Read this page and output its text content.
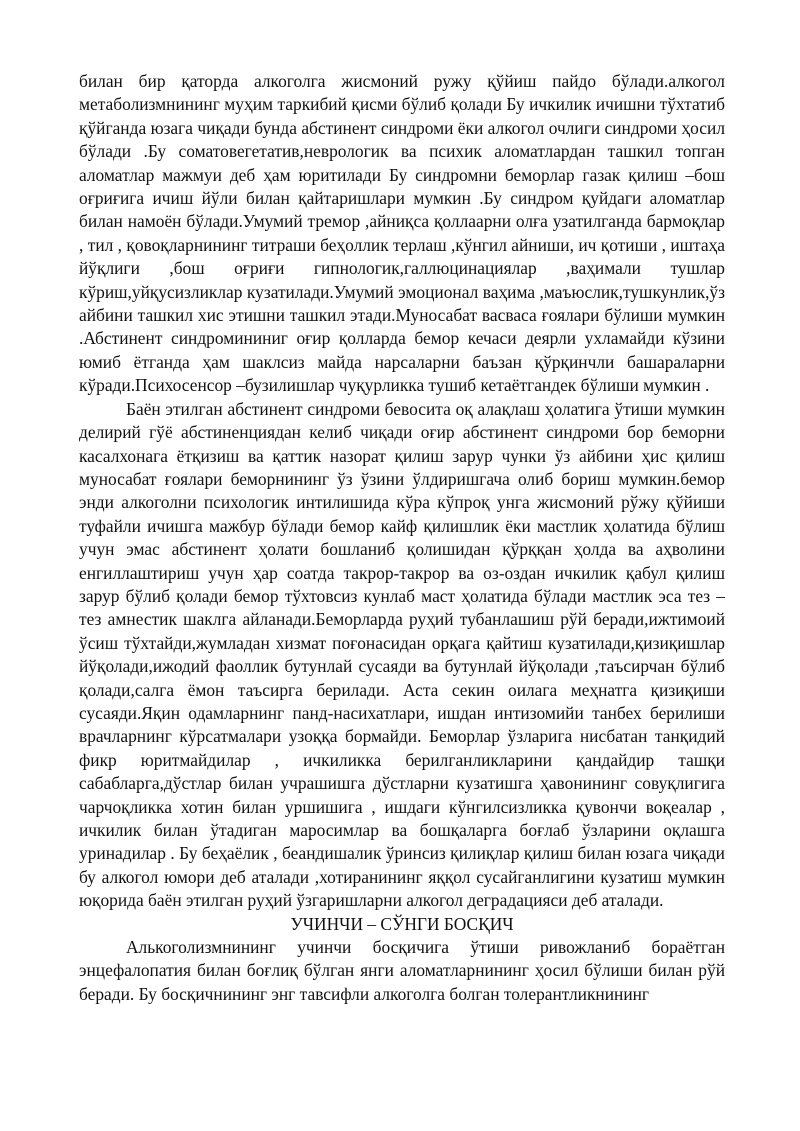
билан бир қаторда алкоголга жисмоний ружу қўйиш пайдо бўлади.алкогол метаболизмнининг муҳим таркибий қисми бўлиб қолади Бу ичкилик ичишни тўхтатиб қўйганда юзага чиқади бунда абстинент синдроми ёки алкогол очлиги синдроми ҳосил бўлади .Бу соматовегетатив,неврологик ва психик аломатлардан ташкил топган аломатлар мажмуи деб ҳам юритилади Бу синдромни беморлар газак қилиш –бош оғриғига ичиш йўли билан қайтаришлари мумкин .Бу синдром қуйдаги аломатлар билан намоён бўлади.Умумий тремор ,айниқса қоллаарни олға узатилганда бармоқлар , тил , қовоқларнининг титраши беҳоллик терлаш ,кўнгил айниши, ич қотиши , иштаҳа йўқлиги ,бош оғриғи гипнологик,галлюцинациялар ,ваҳимали тушлар кўриш,уйқусизликлар кузатилади.Умумий эмоционал ваҳима ,маъюслик,тушкунлик,ўз айбини ташкил хис этишни ташкил этади.Муносабат васваса ғоялари бўлиши мумкин .Абстинент синдромининиг оғир қолларда бемор кечаси деярли ухламайди кўзини юмиб ётганда ҳам шаклсиз майда нарсаларни баъзан қўрқинчли башараларни кўради.Психосенсор –бузилишлар чуқурликка тушиб кетаётгандек бўлиши мумкин .

Баён этилган абстинент синдроми бевосита оқ алақлаш ҳолатига ўтиши мумкин делирий гўё абстиненциядан келиб чиқади оғир абстинент синдроми бор беморни касалхонага ётқизиш ва қаттик назорат қилиш зарур чунки ўз айбини ҳис қилиш муносабат ғоялари беморнининг ўз ўзини ўлдиришгача олиб бориш мумкин.бемор энди алкоголни психологик интилишида кўра кўпроқ унга жисмоний рўжу қўйиши туфайли ичишга мажбур бўлади бемор кайф қилишлик ёки мастлик ҳолатида бўлиш учун эмас абстинент ҳолати бошланиб қолишидан қўрққан ҳолда ва аҳволини енгиллаштириш учун ҳар соатда такрор-такрор ва оз-оздан ичкилик қабул қилиш зарур бўлиб қолади бемор тўхтовсиз кунлаб маст ҳолатида бўлади мастлик эса тез – тез амнестик шаклга айланади.Беморларда руҳий тубанлашиш рўй беради,ижтимоий ўсиш тўхтайди,жумладан хизмат поғонасидан орқага қайтиш кузатилади,қизиқишлар йўқолади,ижодий фаоллик бутунлай сусаяди ва бутунлай йўқолади ,таъсирчан бўлиб қолади,салга ёмон таъсирга берилади. Аста секин оилага меҳнатга қизиқиши сусаяди.Яқин одамларнинг панд-насихатлари, ишдан интизомийи танбех берилиши врачларнинг кўрсатмалари узоққа бормайди. Беморлар ўзларига нисбатан танқидий фикр юритмайдилар , ичкиликка берилганликларини қандайдир ташқи сабабларга,дўстлар билан учрашишга дўстларни кузатишга ҳавонининг совуқлигига чарчоқликка хотин билан уршишига , ишдаги кўнгилсизликка қувончи воқеалар , ичкилик билан ўтадиган маросимлар ва бошқаларга боғлаб ўзларини оқлашга уринадилар . Бу беҳаёлик , беандишалик ўринсиз қилиқлар қилиш билан юзага чиқади бу алкогол юмори деб аталади ,хотиранининг яққол сусайганлигини кузатиш мумкин юқорида баён этилган руҳий ўзгаришларни алкогол деградацияси деб аталади.

УЧИНЧИ – СЎНГИ БОСҚИЧ

Алькоголизмнининг учинчи босқичига ўтиши ривожланиб бораётган энцефалопатия билан боғлиқ бўлган янги аломатларнининг ҳосил бўлиши билан рўй беради. Бу босқичнининг энг тавсифли алкоголга болган толерантликнининг
